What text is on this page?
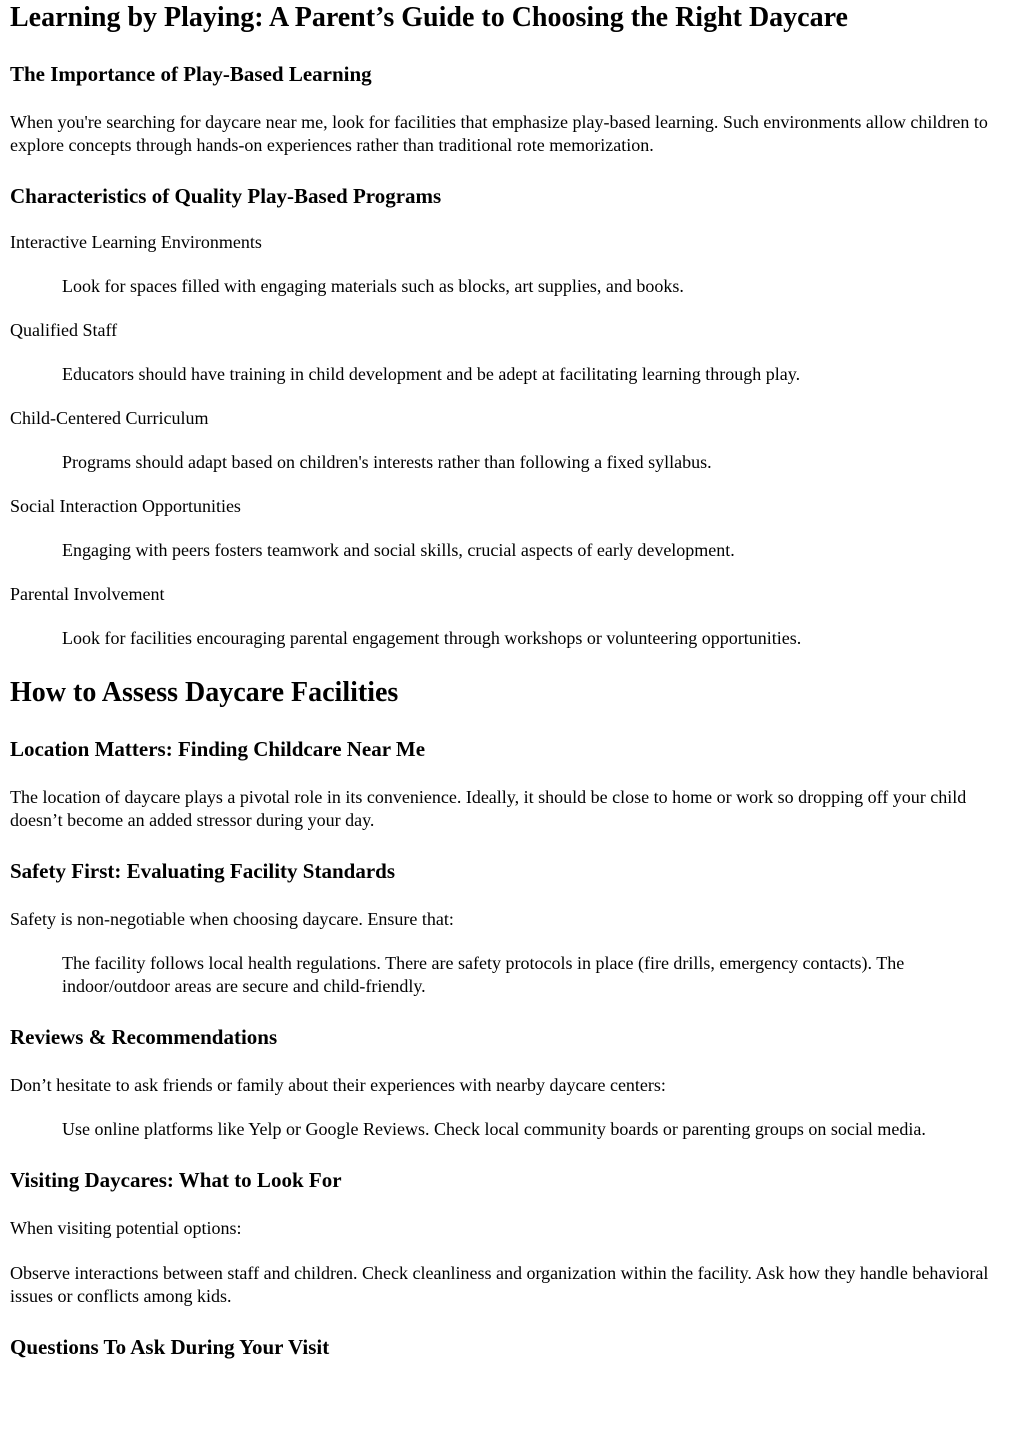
Learning by Playing: A Parent’s Guide to Choosing the Right Daycare
The Importance of Play-Based Learning

When you're searching for daycare near me, look for facilities that emphasize play-based learning. Such environments allow children to explore concepts through hands-on experiences rather than traditional rote memorization.

Characteristics of Quality Play-Based Programs
Interactive Learning Environments
Look for spaces filled with engaging materials such as blocks, art supplies, and books.
Qualified Staff
Educators should have training in child development and be adept at facilitating learning through play.
Child-Centered Curriculum
Programs should adapt based on children's interests rather than following a fixed syllabus.
Social Interaction Opportunities
Engaging with peers fosters teamwork and social skills, crucial aspects of early development.
Parental Involvement
Look for facilities encouraging parental engagement through workshops or volunteering opportunities.
How to Assess Daycare Facilities
Location Matters: Finding Childcare Near Me

The location of daycare plays a pivotal role in its convenience. Ideally, it should be close to home or work so dropping off your child doesn’t become an added stressor during your day.

Safety First: Evaluating Facility Standards

Safety is non-negotiable when choosing daycare. Ensure that:

The facility follows local health regulations. There are safety protocols in place (fire drills, emergency contacts). The indoor/outdoor areas are secure and child-friendly.
Reviews & Recommendations

Don’t hesitate to ask friends or family about their experiences with nearby daycare centers:

Use online platforms like Yelp or Google Reviews. Check local community boards or parenting groups on social media.
Visiting Daycares: What to Look For

When visiting potential options:

Observe interactions between staff and children. Check cleanliness and organization within the facility. Ask how they handle behavioral issues or conflicts among kids.

Questions To Ask During Your Visit
